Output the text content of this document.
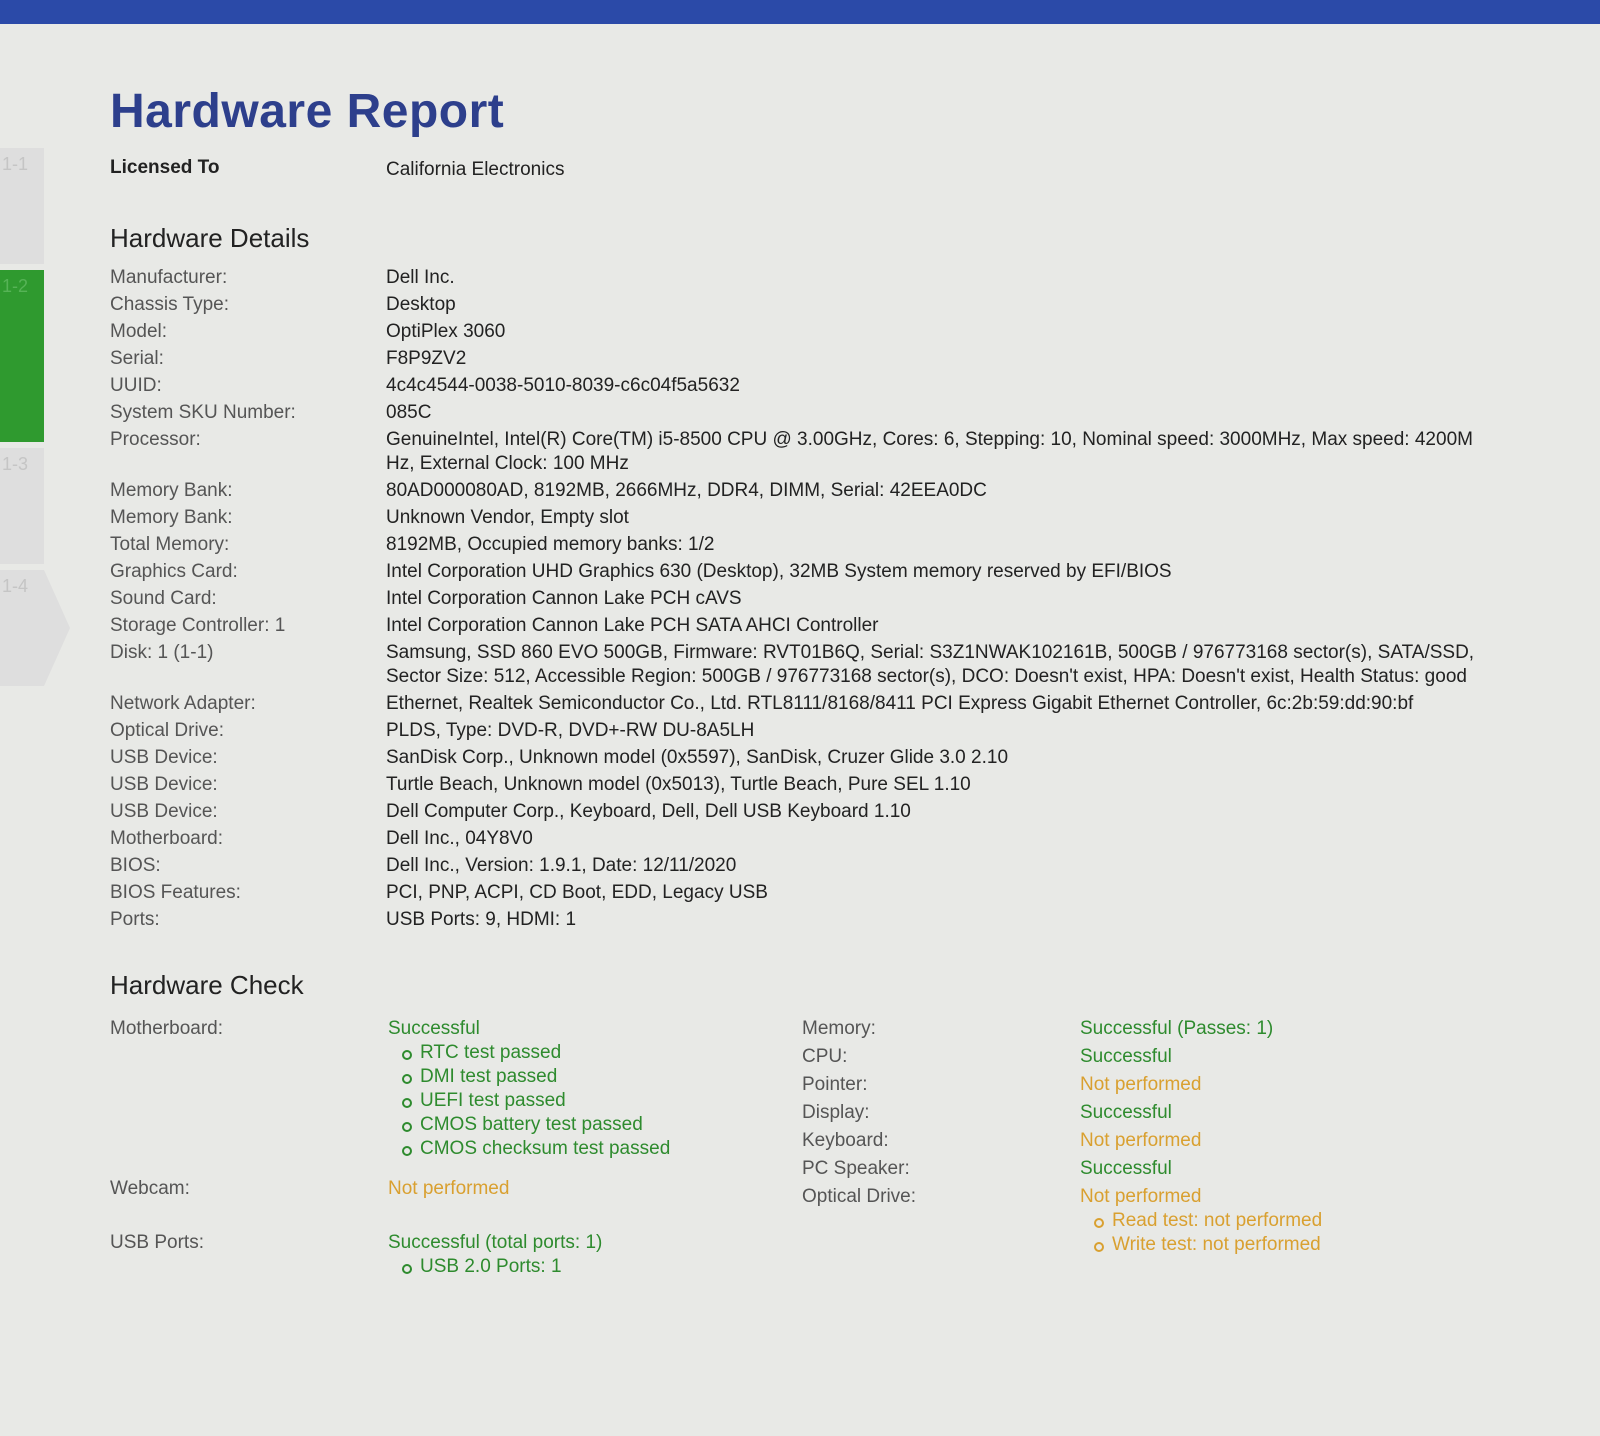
1-1
1-2
1-3
1-4
Hardware Report
Licensed To	California Electronics
Hardware Details
Manufacturer:	Dell Inc.
Chassis Type:	Desktop
Model:	OptiPlex 3060
Serial:	F8P9ZV2
UUID:	4c4c4544-0038-5010-8039-c6c04f5a5632
System SKU Number:	085C
Processor:	GenuineIntel, Intel(R) Core(TM) i5-8500 CPU @ 3.00GHz, Cores: 6, Stepping: 10, Nominal speed: 3000MHz, Max speed: 4200MHz, External Clock: 100 MHz
Memory Bank:	80AD000080AD, 8192MB, 2666MHz, DDR4, DIMM, Serial: 42EEA0DC
Memory Bank:	Unknown Vendor, Empty slot
Total Memory:	8192MB, Occupied memory banks: 1/2
Graphics Card:	Intel Corporation UHD Graphics 630 (Desktop), 32MB System memory reserved by EFI/BIOS
Sound Card:	Intel Corporation Cannon Lake PCH cAVS
Storage Controller: 1	Intel Corporation Cannon Lake PCH SATA AHCI Controller
Disk: 1 (1-1)	Samsung, SSD 860 EVO 500GB, Firmware: RVT01B6Q, Serial: S3Z1NWAK102161B, 500GB / 976773168 sector(s), SATA/SSD, Sector Size: 512, Accessible Region: 500GB / 976773168 sector(s), DCO: Doesn't exist, HPA: Doesn't exist, Health Status: good
Network Adapter:	Ethernet, Realtek Semiconductor Co., Ltd. RTL8111/8168/8411 PCI Express Gigabit Ethernet Controller, 6c:2b:59:dd:90:bf
Optical Drive:	PLDS, Type: DVD-R, DVD+-RW DU-8A5LH
USB Device:	SanDisk Corp., Unknown model (0x5597), SanDisk, Cruzer Glide 3.0 2.10
USB Device:	Turtle Beach, Unknown model (0x5013), Turtle Beach, Pure SEL 1.10
USB Device:	Dell Computer Corp., Keyboard, Dell, Dell USB Keyboard 1.10
Motherboard:	Dell Inc., 04Y8V0
BIOS:	Dell Inc., Version: 1.9.1, Date: 12/11/2020
BIOS Features:	PCI, PNP, ACPI, CD Boot, EDD, Legacy USB
Ports:	USB Ports: 9, HDMI: 1
Hardware Check
Motherboard:	Successful
RTC test passed
DMI test passed
UEFI test passed
CMOS battery test passed
CMOS checksum test passed
Webcam:	Not performed
USB Ports:	Successful (total ports: 1)
USB 2.0 Ports: 1
Memory:	Successful (Passes: 1)
CPU:	Successful
Pointer:	Not performed
Display:	Successful
Keyboard:	Not performed
PC Speaker:	Successful
Optical Drive:	Not performed
Read test: not performed
Write test: not performed
